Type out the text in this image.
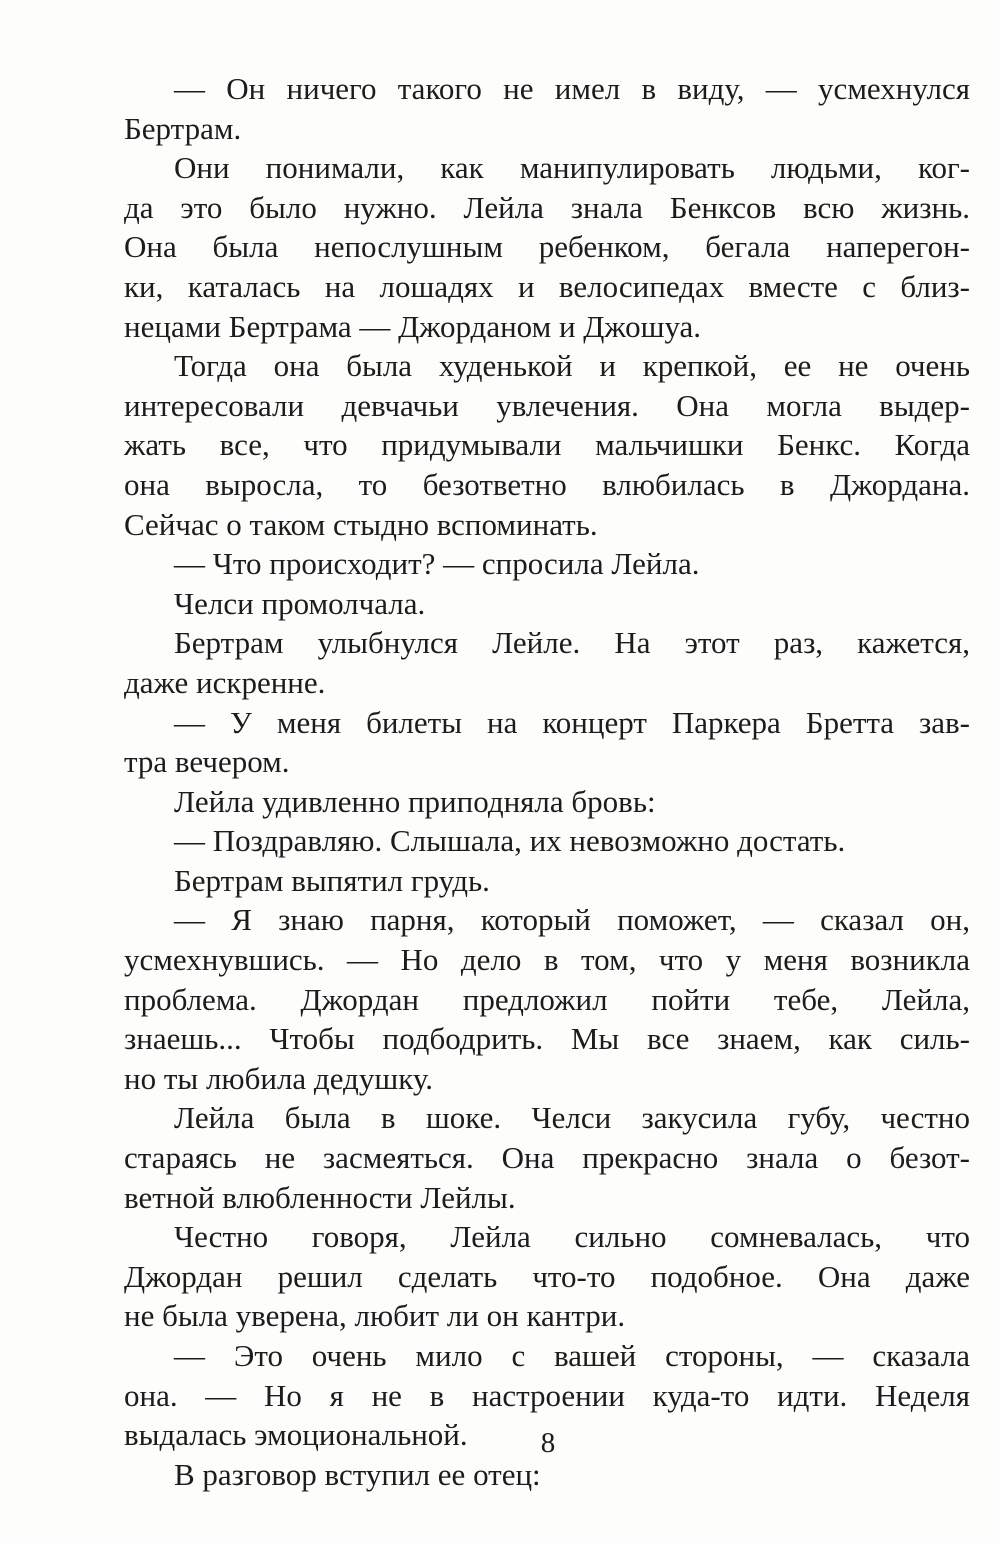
— Он ничего такого не имел в виду, — усмехнулся
Бертрам.
Они понимали, как манипулировать людьми, ког-
да это было нужно. Лейла знала Бенксов всю жизнь.
Она была непослушным ребенком, бегала наперегон-
ки, каталась на лошадях и велосипедах вместе с близ-
нецами Бертрама — Джорданом и Джошуа.
Тогда она была худенькой и крепкой, ее не очень
интересовали девчачьи увлечения. Она могла выдер-
жать все, что придумывали мальчишки Бенкс. Когда
она выросла, то безответно влюбилась в Джордана.
Сейчас о таком стыдно вспоминать.
— Что происходит? — спросила Лейла.
Челси промолчала.
Бертрам улыбнулся Лейле. На этот раз, кажется,
даже искренне.
— У меня билеты на концерт Паркера Бретта зав-
тра вечером.
Лейла удивленно приподняла бровь:
— Поздравляю. Слышала, их невозможно достать.
Бертрам выпятил грудь.
— Я знаю парня, который поможет, — сказал он,
усмехнувшись. — Но дело в том, что у меня возникла
проблема. Джордан предложил пойти тебе, Лейла,
знаешь... Чтобы подбодрить. Мы все знаем, как силь-
но ты любила дедушку.
Лейла была в шоке. Челси закусила губу, честно
стараясь не засмеяться. Она прекрасно знала о безот-
ветной влюбленности Лейлы.
Честно говоря, Лейла сильно сомневалась, что
Джордан решил сделать что-то подобное. Она даже
не была уверена, любит ли он кантри.
— Это очень мило с вашей стороны, — сказала
она. — Но я не в настроении куда-то идти. Неделя
выдалась эмоциональной.
В разговор вступил ее отец:
8
